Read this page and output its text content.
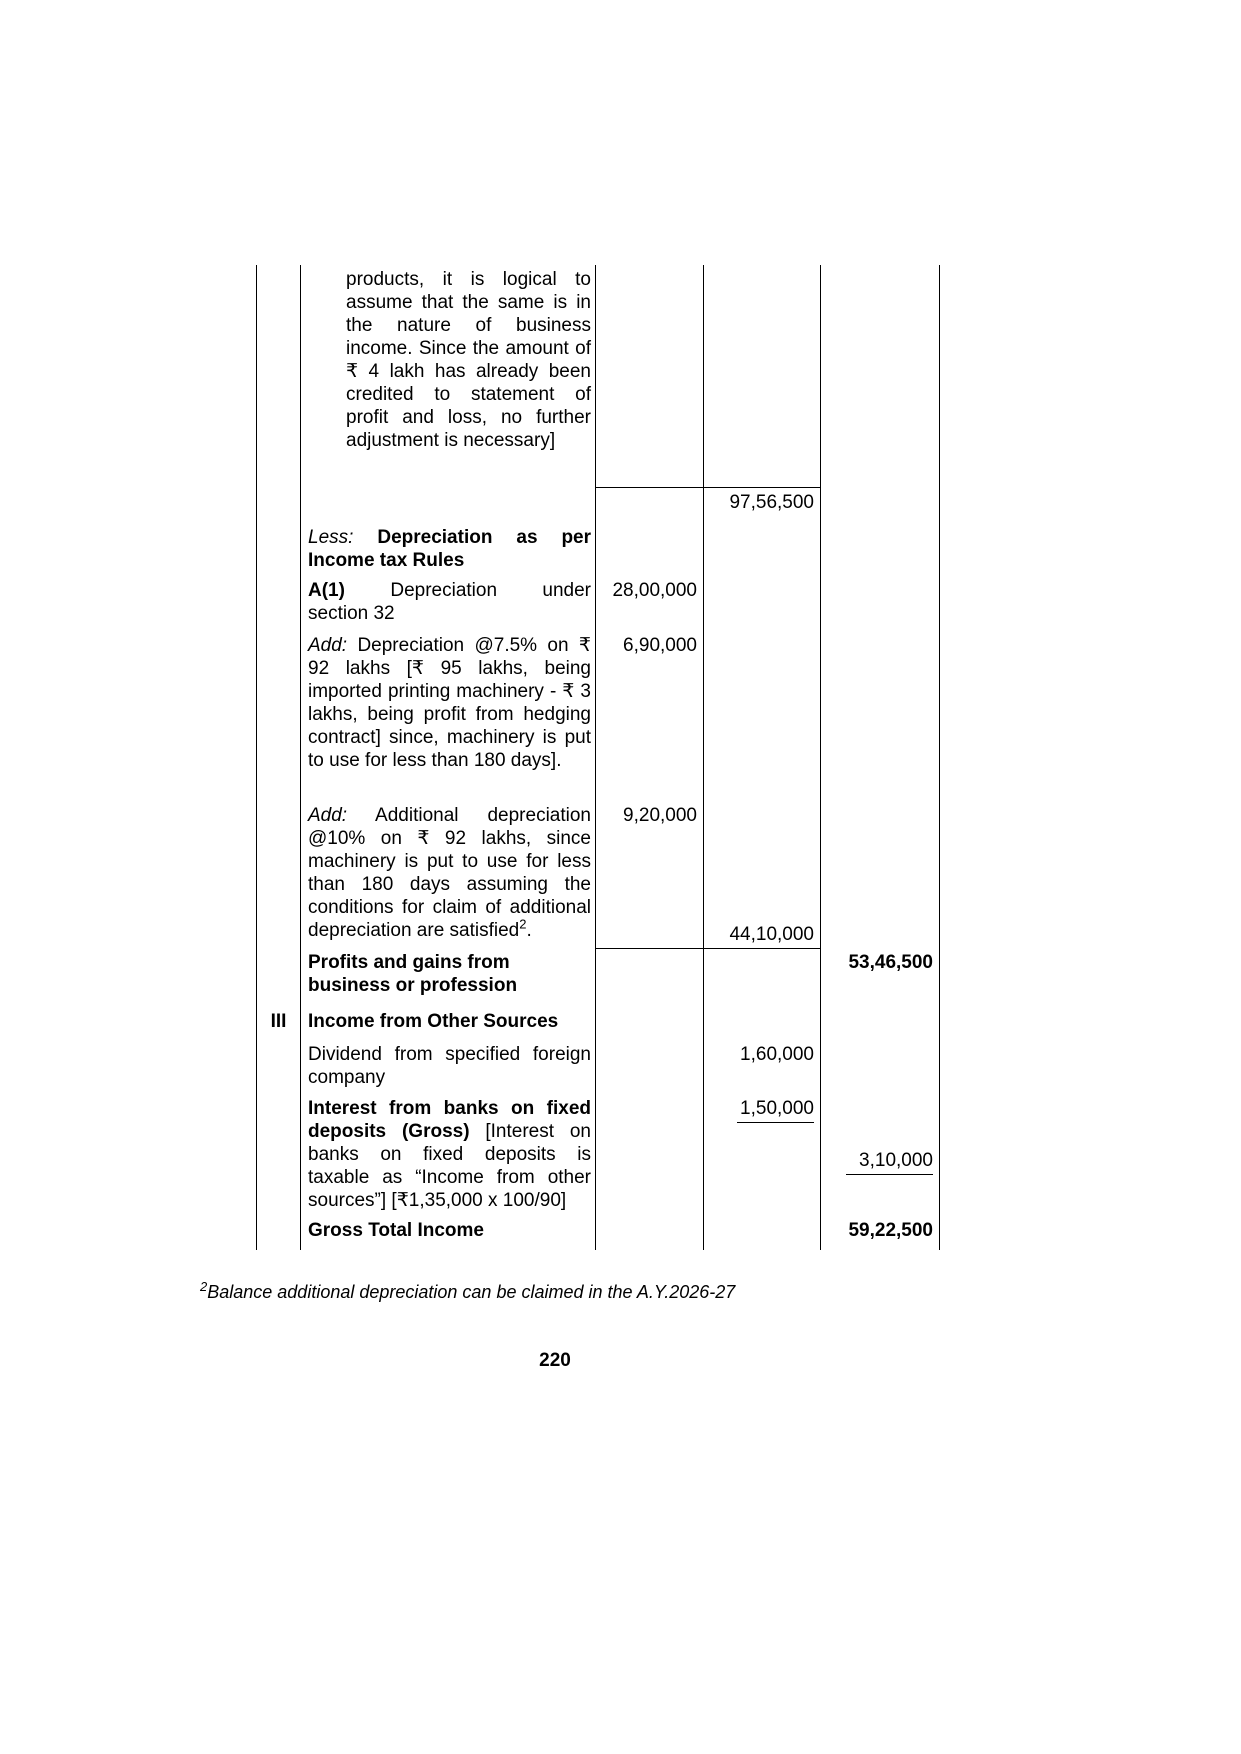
products, it is logical to assume that the same is in the nature of business income. Since the amount of ₹ 4 lakh has already been credited to statement of profit and loss, no further adjustment is necessary]

97,56,500

Less: Depreciation as per Income tax Rules

A(1) Depreciation under
section 32

28,00,000

Add: Depreciation @7.5% on ₹ 92 lakhs [₹ 95 lakhs, being imported printing machinery - ₹ 3 lakhs, being profit from hedging contract] since, machinery is put to use for less than 180 days].

6,90,000

Add: Additional depreciation @10% on ₹ 92 lakhs, since machinery is put to use for less than 180 days assuming the conditions for claim of additional depreciation are satisfied$^2$.

9,20,000
44,10,000

Profits and gains from business or profession

53,46,500
III	Income from Other Sources

Dividend from specified foreign company

1,60,000

Interest from banks on fixed deposits (Gross) [Interest on banks on fixed deposits is taxable as “Income from other sources”] [₹1,35,000 x 100/90]

1,50,000
3,10,000

Gross Total Income	59,22,500

$^2$Balance additional depreciation can be claimed in the A.Y.2026-27

220
